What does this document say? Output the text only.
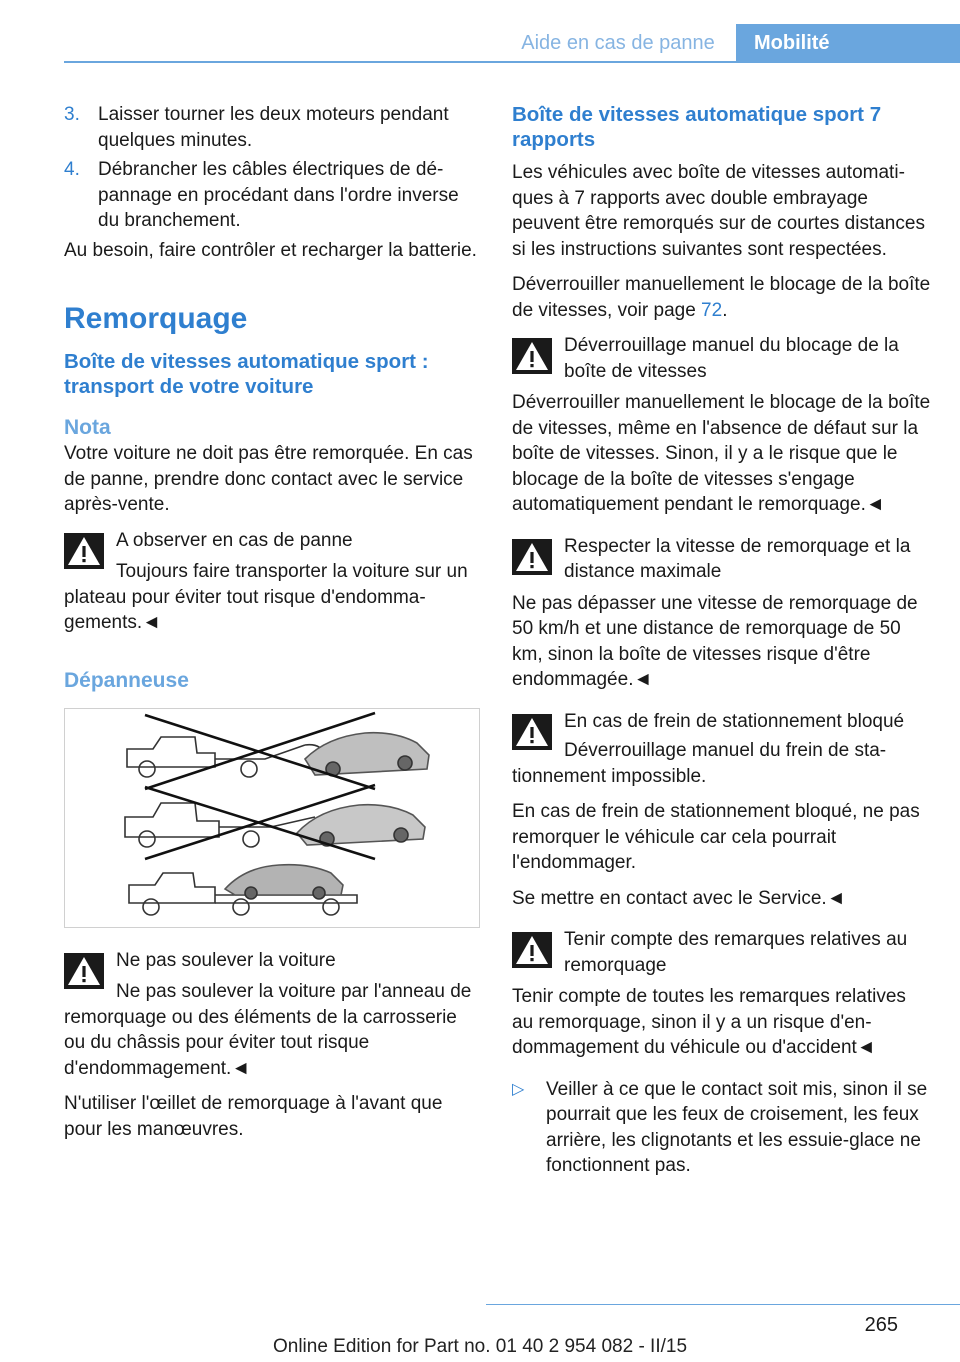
Aide en cas de panne	Mobilité
3. Laisser tourner les deux moteurs pendant quelques minutes.
4. Débrancher les câbles électriques de dépannage en procédant dans l'ordre inverse du branchement.

Au besoin, faire contrôler et recharger la batterie.

Remorquage
Boîte de vitesses automatique sport : transport de votre voiture
Nota

Votre voiture ne doit pas être remorquée. En cas de panne, prendre donc contact avec le service après-vente.

A observer en cas de panne

Toujours faire transporter la voiture sur un plateau pour éviter tout risque d'endommagements.◄

Dépanneuse

Ne pas soulever la voiture

Ne pas soulever la voiture par l'anneau de remorquage ou des éléments de la carrosserie ou du châssis pour éviter tout risque d'endommagement.◄

N'utiliser l'œillet de remorquage à l'avant que pour les manœuvres.

Boîte de vitesses automatique sport 7 rapports

Les véhicules avec boîte de vitesses automatiques à 7 rapports avec double embrayage peuvent être remorqués sur de courtes distances si les instructions suivantes sont respectées.

Déverrouiller manuellement le blocage de la boîte de vitesses, voir page 72.

Déverrouillage manuel du blocage de la boîte de vitesses

Déverrouiller manuellement le blocage de la boîte de vitesses, même en l'absence de défaut sur la boîte de vitesses. Sinon, il y a le risque que le blocage de la boîte de vitesses s'engage automatiquement pendant le remorquage.◄

Respecter la vitesse de remorquage et la distance maximale

Ne pas dépasser une vitesse de remorquage de 50 km/h et une distance de remorquage de 50 km, sinon la boîte de vitesses risque d'être endommagée.◄

En cas de frein de stationnement bloqué

Déverrouillage manuel du frein de stationnement impossible.

En cas de frein de stationnement bloqué, ne pas remorquer le véhicule car cela pourrait l'endommager.

Se mettre en contact avec le Service.◄

Tenir compte des remarques relatives au remorquage

Tenir compte de toutes les remarques relatives au remorquage, sinon il y a un risque d'endommagement du véhicule ou d'accident◄

▷	Veiller à ce que le contact soit mis, sinon il se pourrait que les feux de croisement, les feux arrière, les clignotants et les essuie-glace ne fonctionnent pas.
265
Online Edition for Part no. 01 40 2 954 082 - II/15
